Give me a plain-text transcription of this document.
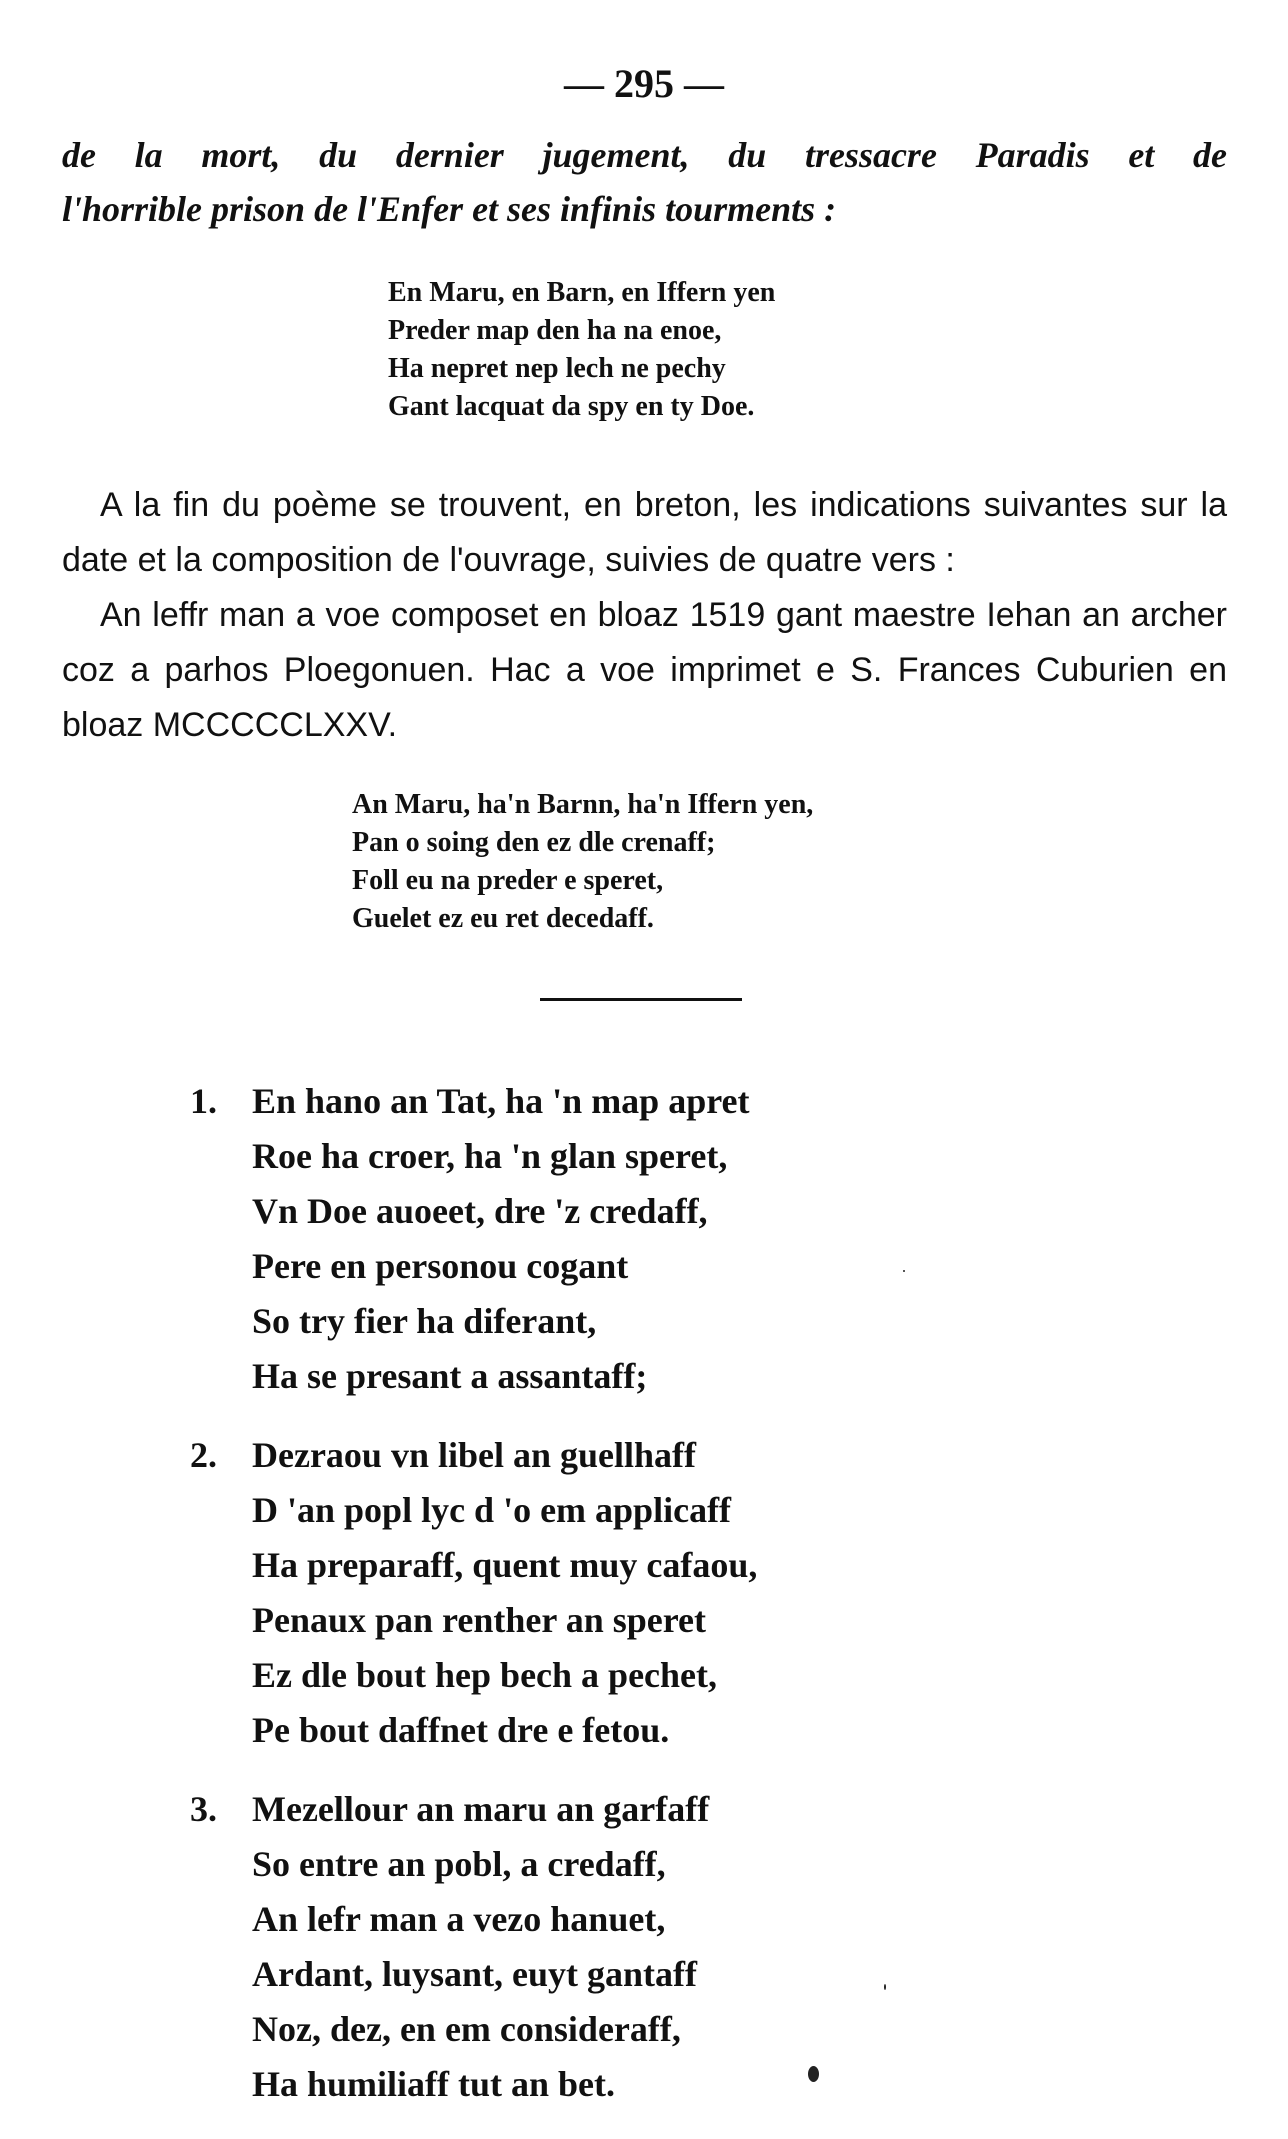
— 295 —
de la mort, du dernier jugement, du tressacre Paradis et de
l'horrible prison de l'Enfer et ses infinis tourments :
En Maru, en Barn, en Iffern yen
Preder map den ha na enoe,
Ha nepret nep lech ne pechy
Gant lacquat da spy en ty Doe.

A la fin du poème se trouvent, en breton, les indications suivantes sur la date et la composition de l'ouvrage, suivies de quatre vers :

An leffr man a voe composet en bloaz 1519 gant maestre Iehan an archer coz a parhos Ploegonuen. Hac a voe imprimet e S. Frances Cuburien en bloaz MCCCCCLXXV.

An Maru, ha'n Barnn, ha'n Iffern yen,
Pan o soing den ez dle crenaff;
Foll eu na preder e speret,
Guelet ez eu ret decedaff.
1. En hano an Tat, ha 'n map apret
Roe ha croer, ha 'n glan speret,
Vn Doe auoeet, dre 'z credaff,
Pere en personou cogant
So try fier ha diferant,
Ha se presant a assantaff;
2. Dezraou vn libel an guellhaff
D 'an popl lyc d 'o em applicaff
Ha preparaff, quent muy cafaou,
Penaux pan renther an speret
Ez dle bout hep bech a pechet,
Pe bout daffnet dre e fetou.
3. Mezellour an maru an garfaff
So entre an pobl, a credaff,
An lefr man a vezo hanuet,
Ardant, luysant, euyt gantaff
Noz, dez, en em consideraff,
Ha humiliaff tut an bet.
